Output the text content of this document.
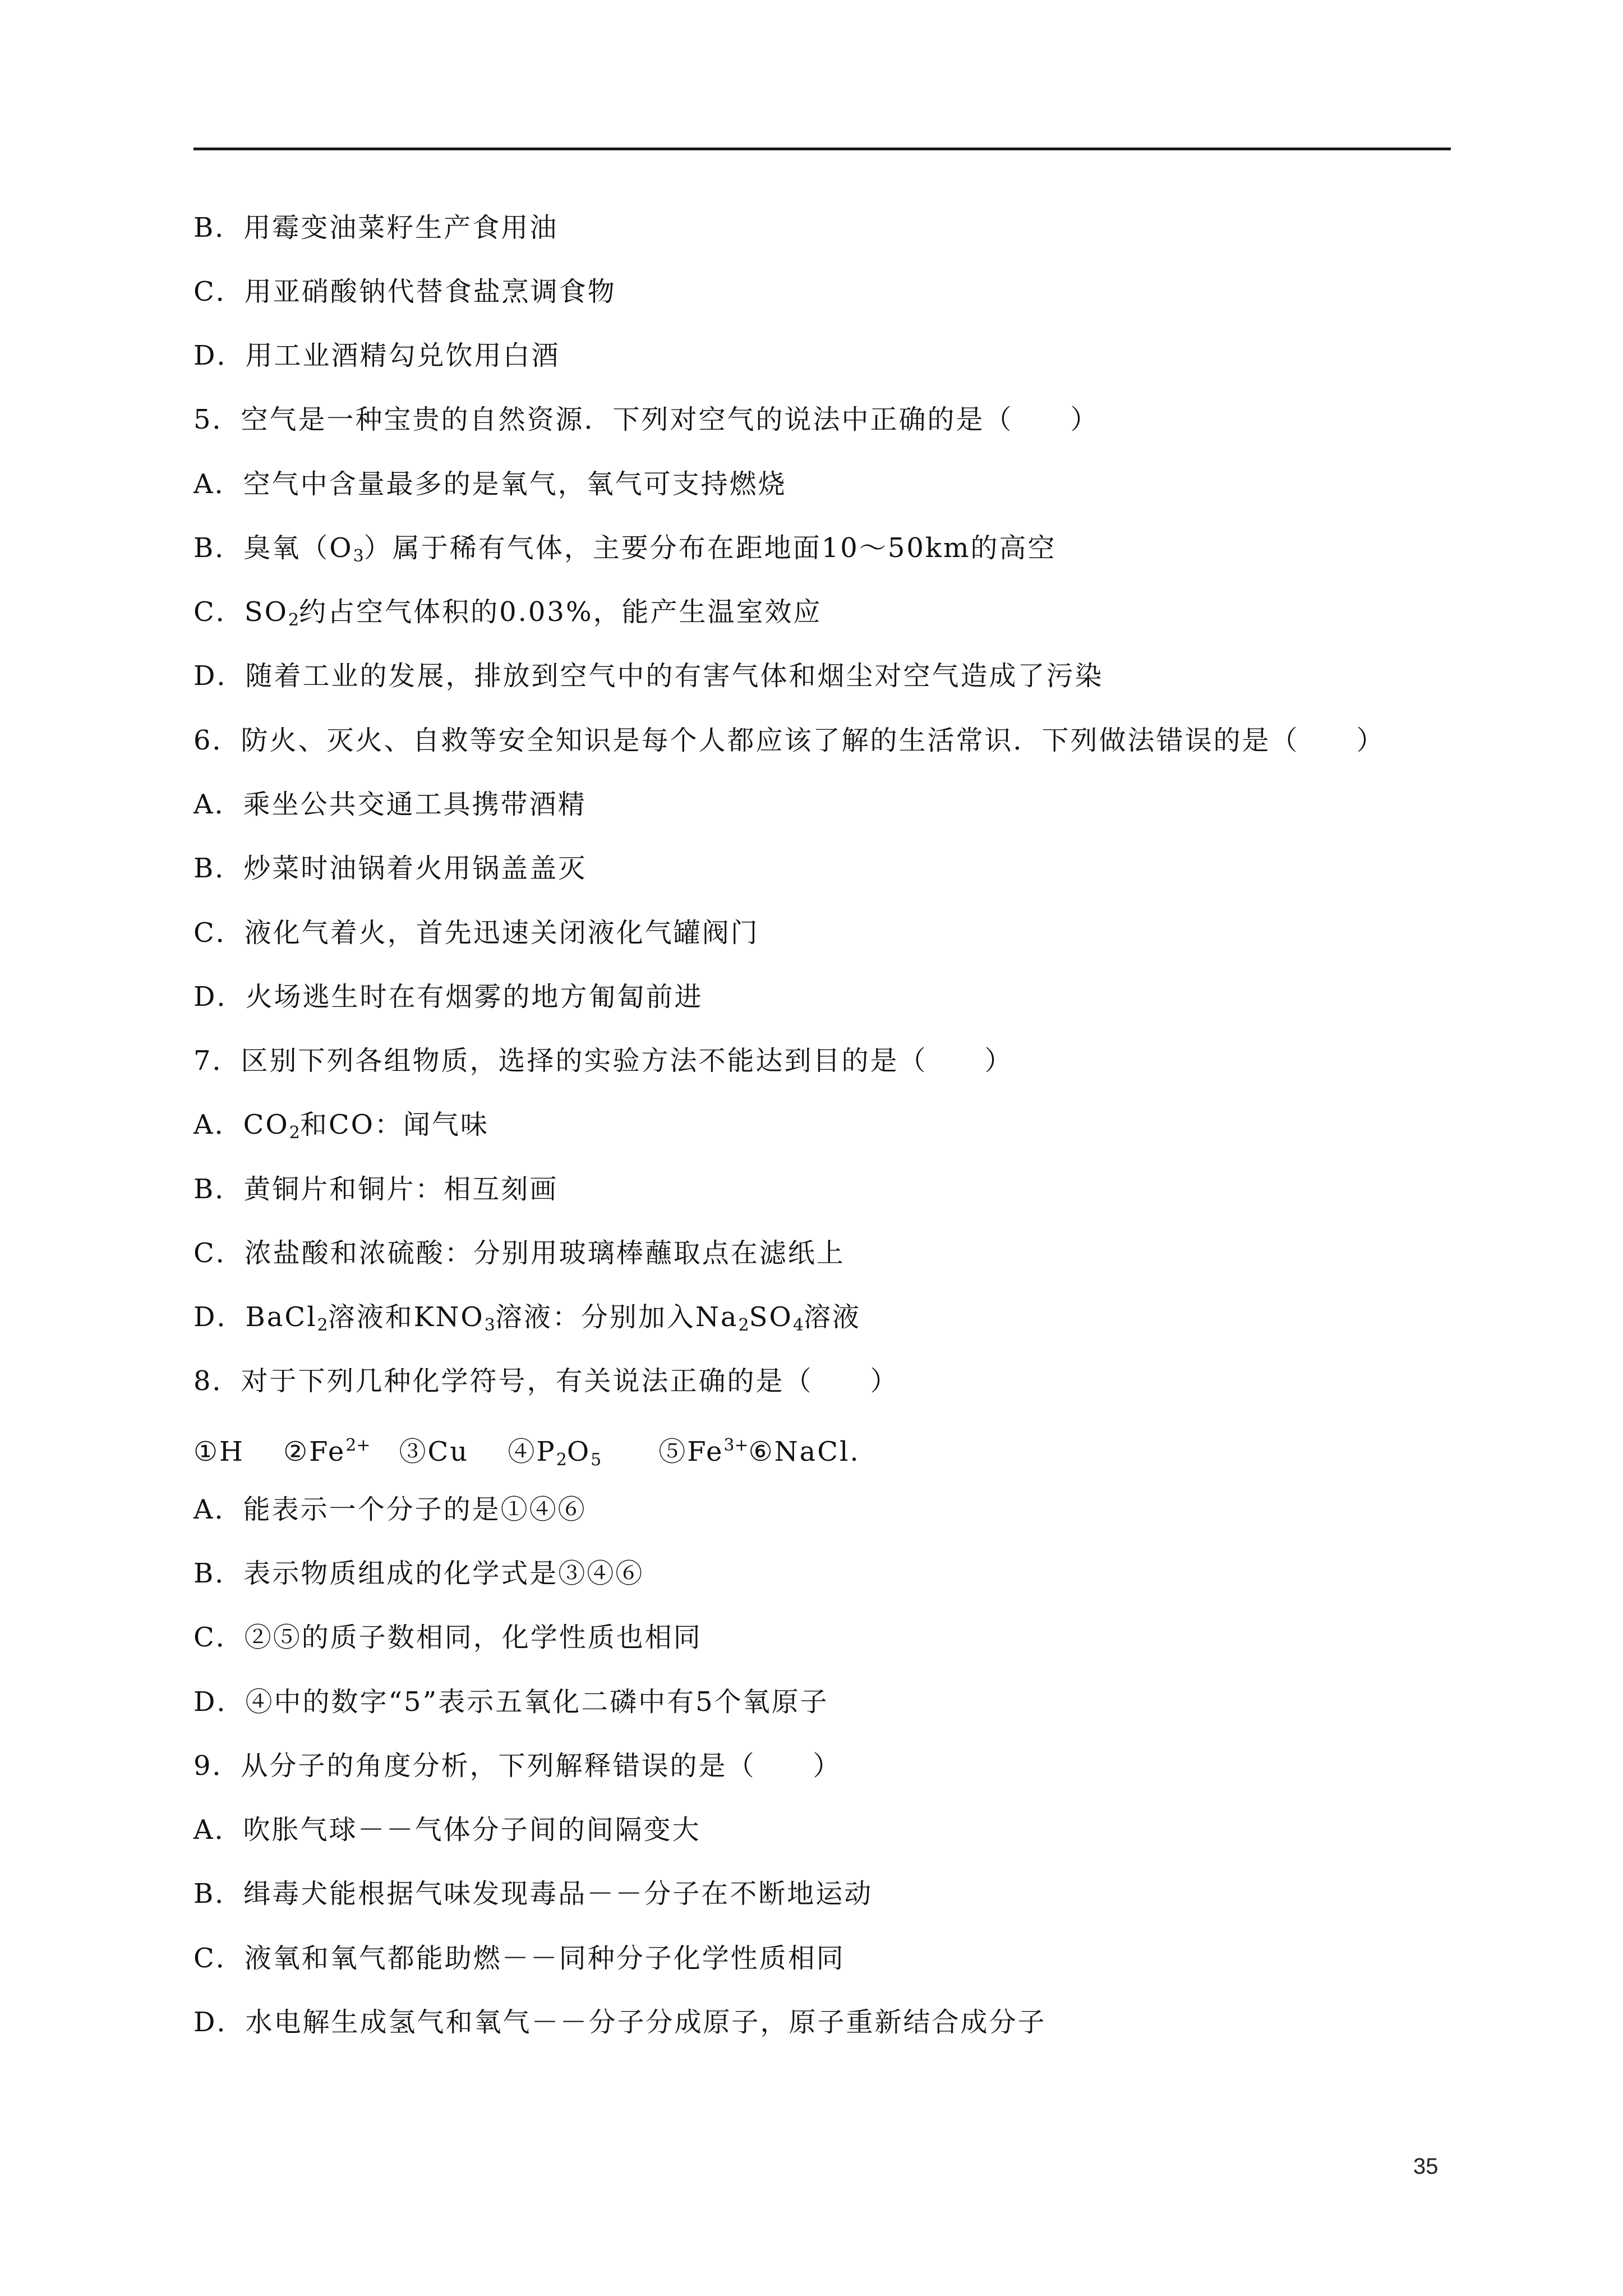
B．用霉变油菜籽生产食用油
C．用亚硝酸钠代替食盐烹调食物
D．用工业酒精勾兑饮用白酒
5．空气是一种宝贵的自然资源．下列对空气的说法中正确的是（　　）
A．空气中含量最多的是氧气，氧气可支持燃烧
B．臭氧$(O_3)$属于稀有气体，主要分布在距地面10～50km的高空
C．$SO_2$约占空气体积的0.03%，能产生温室效应
D．随着工业的发展，排放到空气中的有害气体和烟尘对空气造成了污染
6．防火、灭火、自救等安全知识是每个人都应该了解的生活常识．下列做法错误的是（　　）
A．乘坐公共交通工具携带酒精
B．炒菜时油锅着火用锅盖盖灭
C．液化气着火，首先迅速关闭液化气罐阀门
D．火场逃生时在有烟雾的地方匍匐前进
7．区别下列各组物质，选择的实验方法不能达到目的是（　　）
A．$CO_2$和CO：闻气味
B．黄铜片和铜片：相互刻画
C．浓盐酸和浓硫酸：分别用玻璃棒蘸取点在滤纸上
D．BaCl$_2$溶液和$KNO_3$溶液：分别加入$Na_2SO_4$溶液
8．对于下列几种化学符号，有关说法正确的是（　　）
①H　 $②Fe^{2+}$　③Cu　 $④P_2O_5$　　$⑤Fe^{3+}⑥NaCl$.
A．能表示一个分子的是①④⑥
B．表示物质组成的化学式是③④⑥
C．②⑤的质子数相同，化学性质也相同
D．④中的数字“5”表示五氧化二磷中有5个氧原子
9．从分子的角度分析，下列解释错误的是（　　）
A．吹胀气球－－气体分子间的间隔变大
B．缉毒犬能根据气味发现毒品－－分子在不断地运动
C．液氧和氧气都能助燃－－同种分子化学性质相同
D．水电解生成氢气和氧气－－分子分成原子，原子重新结合成分子
35
